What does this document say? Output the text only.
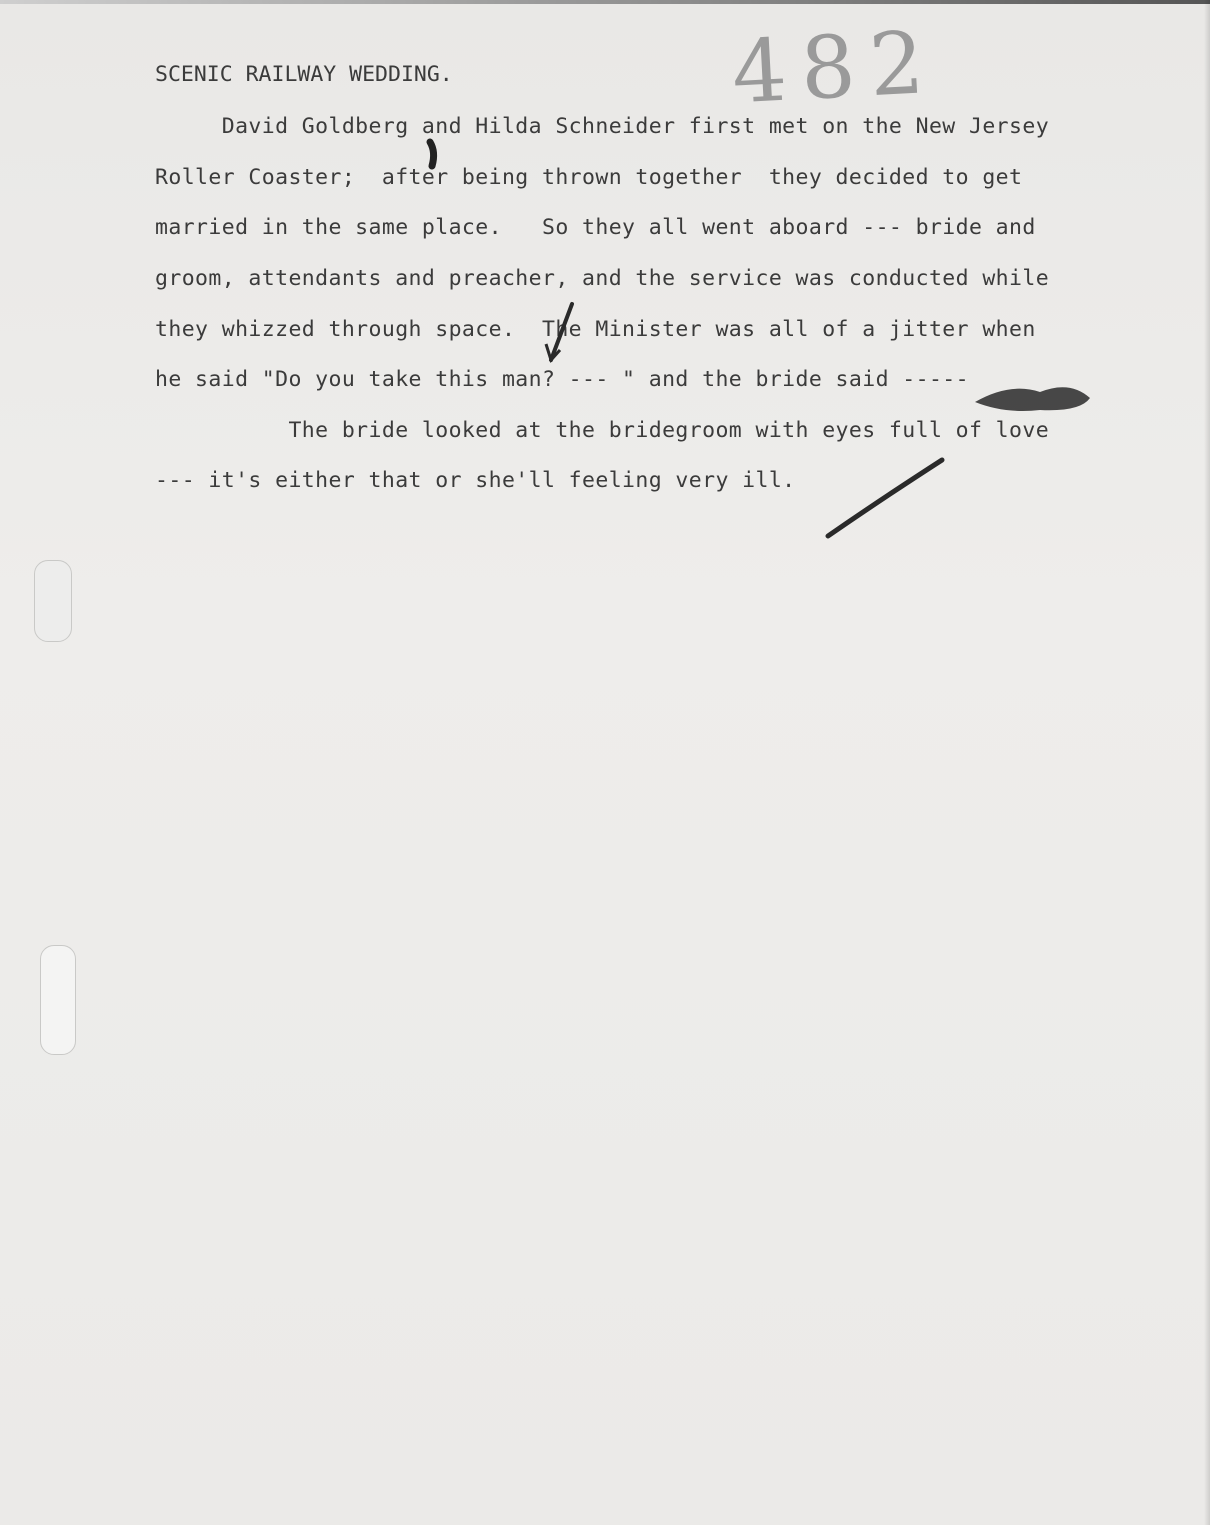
482
SCENIC RAILWAY WEDDING.
David Goldberg and Hilda Schneider first met on the New Jersey
Roller Coaster;  after being thrown together  they decided to get
married in the same place.   So they all went aboard --- bride and
groom, attendants and preacher, and the service was conducted while
they whizzed through space.  The Minister was all of a jitter when
he said "Do you take this man? --- " and the bride said -----
The bride looked at the bridegroom with eyes full of love
--- it's either that or she'll feeling very ill.
